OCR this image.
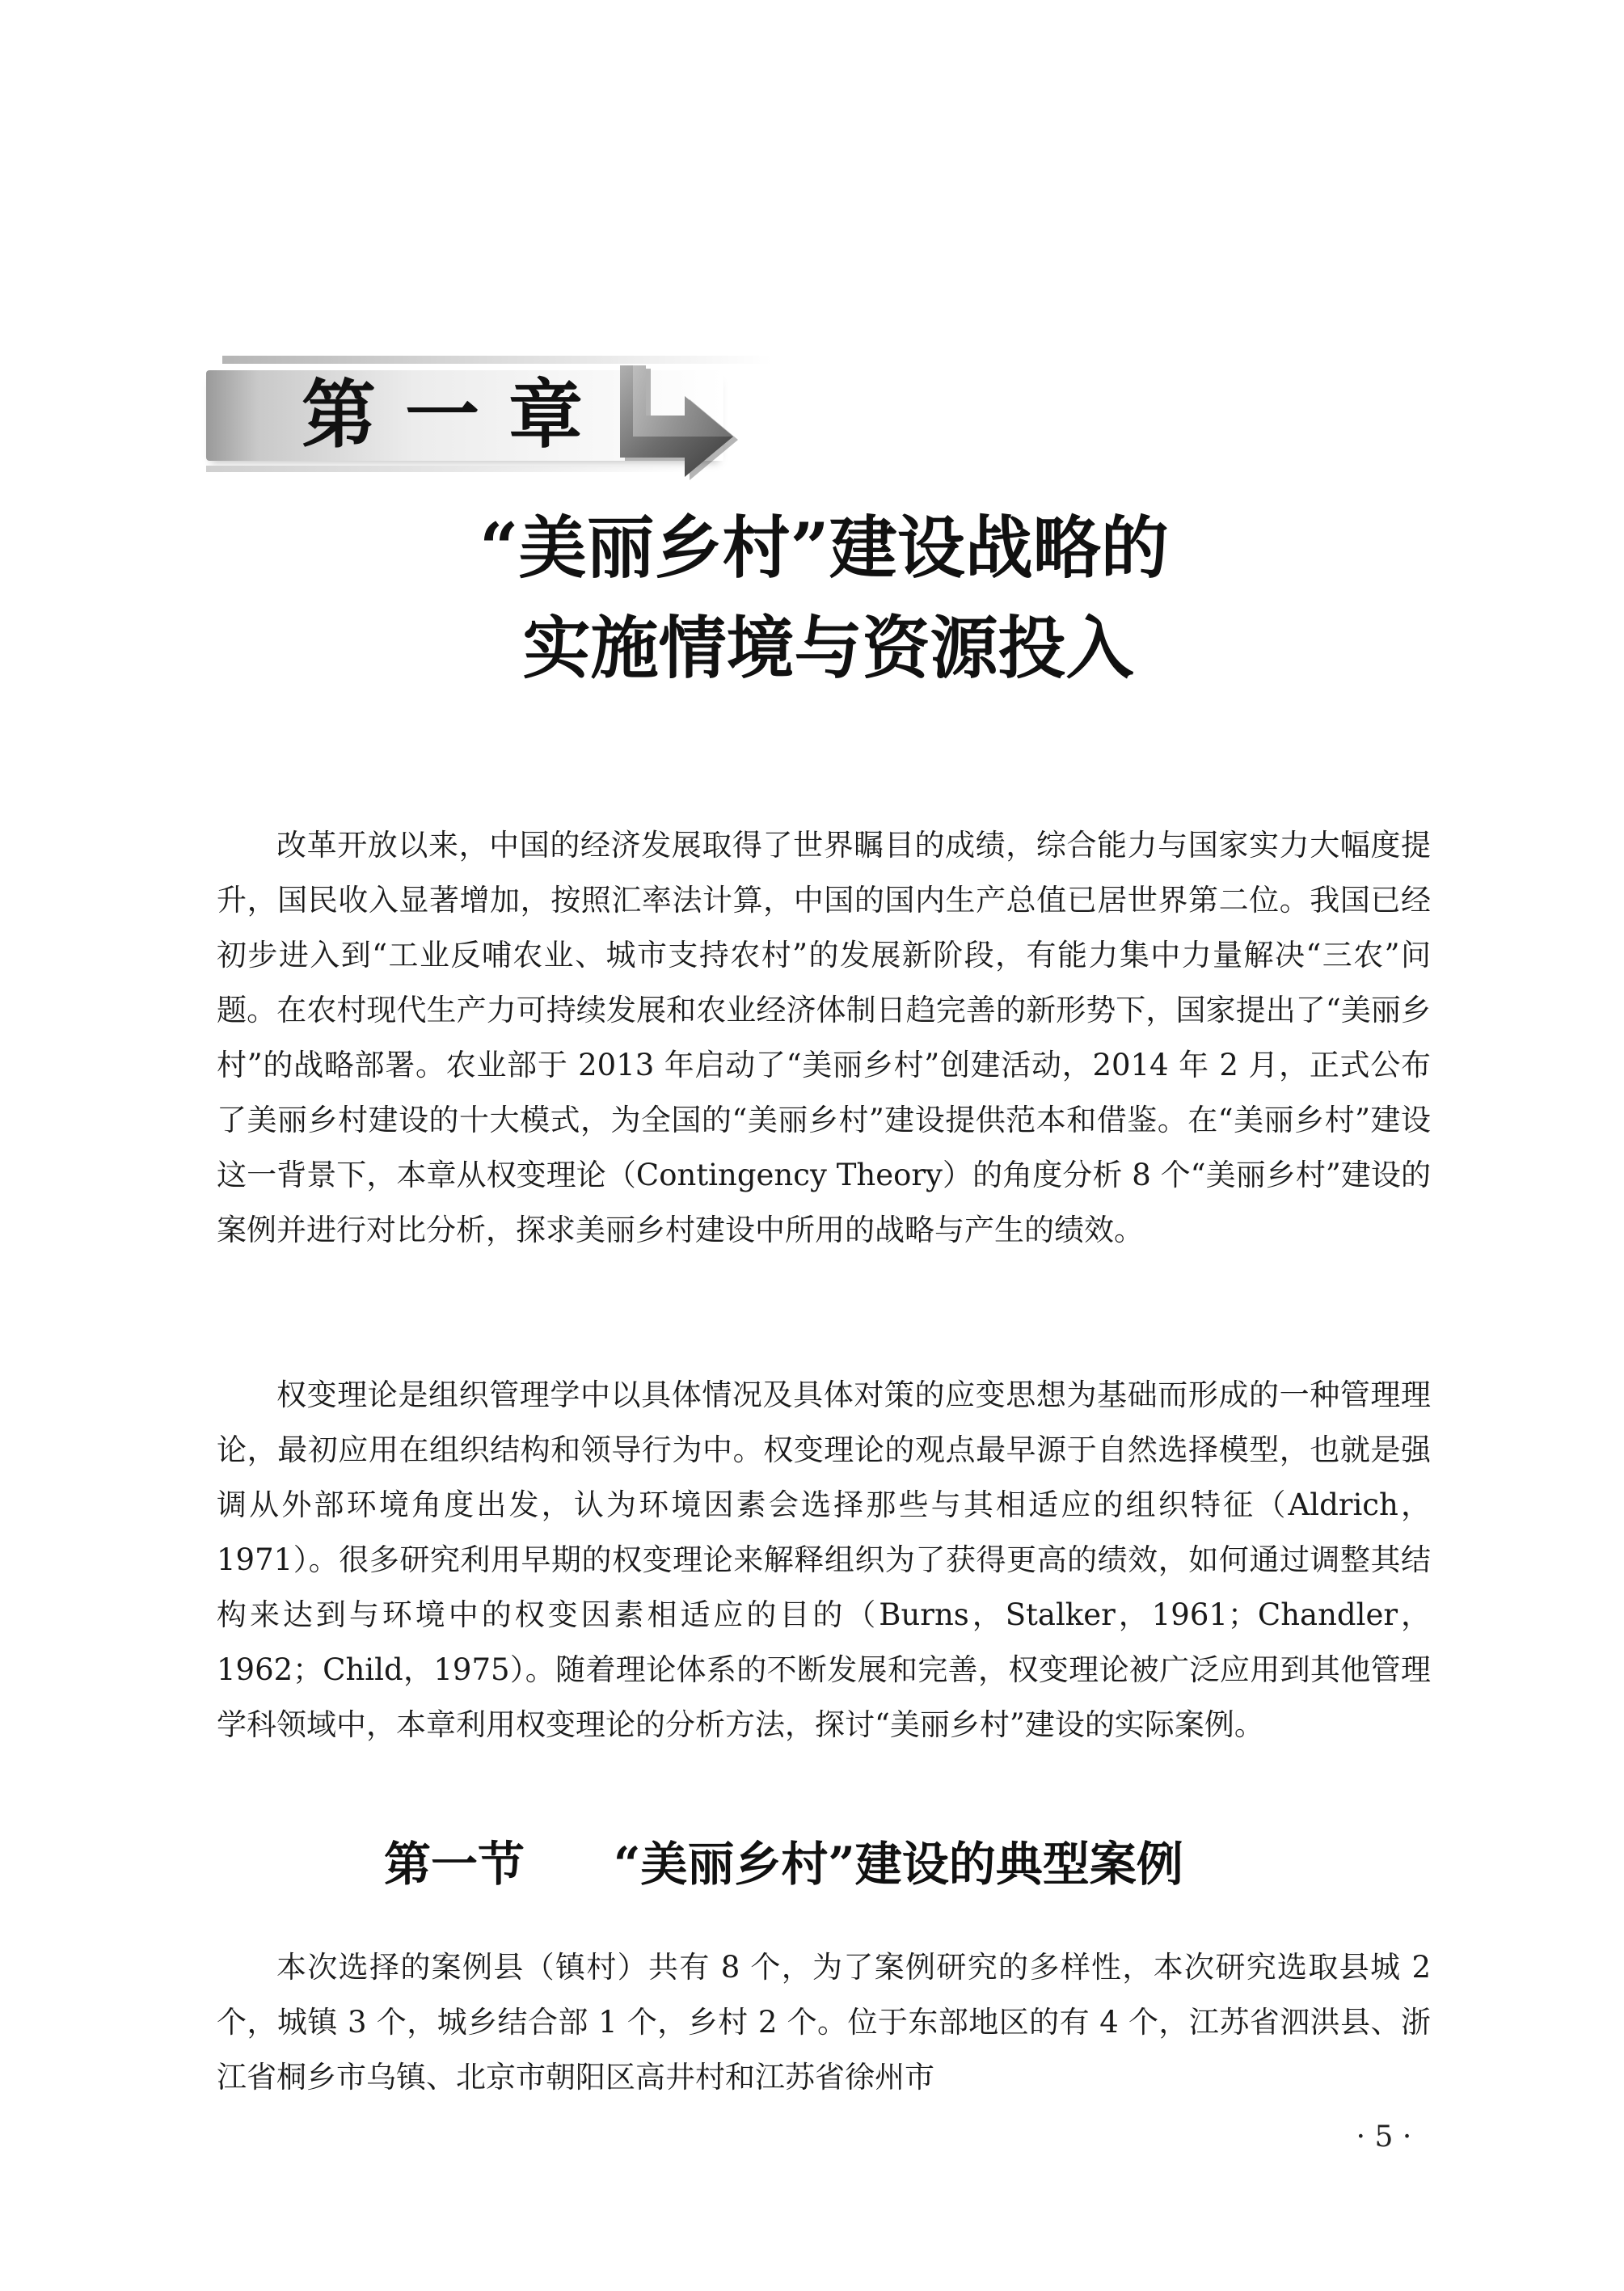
第一章
“美丽乡村”建设战略的
实施情境与资源投入

改革开放以来，中国的经济发展取得了世界瞩目的成绩，综合能力与国家实力大幅度提升，国民收入显著增加，按照汇率法计算，中国的国内生产总值已居世界第二位。我国已经初步进入到“工业反哺农业、城市支持农村”的发展新阶段，有能力集中力量解决“三农”问题。在农村现代生产力可持续发展和农业经济体制日趋完善的新形势下，国家提出了“美丽乡村”的战略部署。农业部于 2013 年启动了“美丽乡村”创建活动，2014 年 2 月，正式公布了美丽乡村建设的十大模式，为全国的“美丽乡村”建设提供范本和借鉴。在“美丽乡村”建设这一背景下，本章从权变理论（Contingency Theory）的角度分析 8 个“美丽乡村”建设的案例并进行对比分析，探求美丽乡村建设中所用的战略与产生的绩效。

权变理论是组织管理学中以具体情况及具体对策的应变思想为基础而形成的一种管理理论，最初应用在组织结构和领导行为中。权变理论的观点最早源于自然选择模型，也就是强调从外部环境角度出发，认为环境因素会选择那些与其相适应的组织特征（Aldrich，1971）。很多研究利用早期的权变理论来解释组织为了获得更高的绩效，如何通过调整其结构来达到与环境中的权变因素相适应的目的（Burns，Stalker，1961；Chandler，1962；Child，1975）。随着理论体系的不断发展和完善，权变理论被广泛应用到其他管理学科领域中，本章利用权变理论的分析方法，探讨“美丽乡村”建设的实际案例。

第一节 “美丽乡村”建设的典型案例

本次选择的案例县（镇村）共有 8 个，为了案例研究的多样性，本次研究选取县城 2 个，城镇 3 个，城乡结合部 1 个，乡村 2 个。位于东部地区的有 4 个，江苏省泗洪县、浙江省桐乡市乌镇、北京市朝阳区高井村和江苏省徐州市

· 5 ·
